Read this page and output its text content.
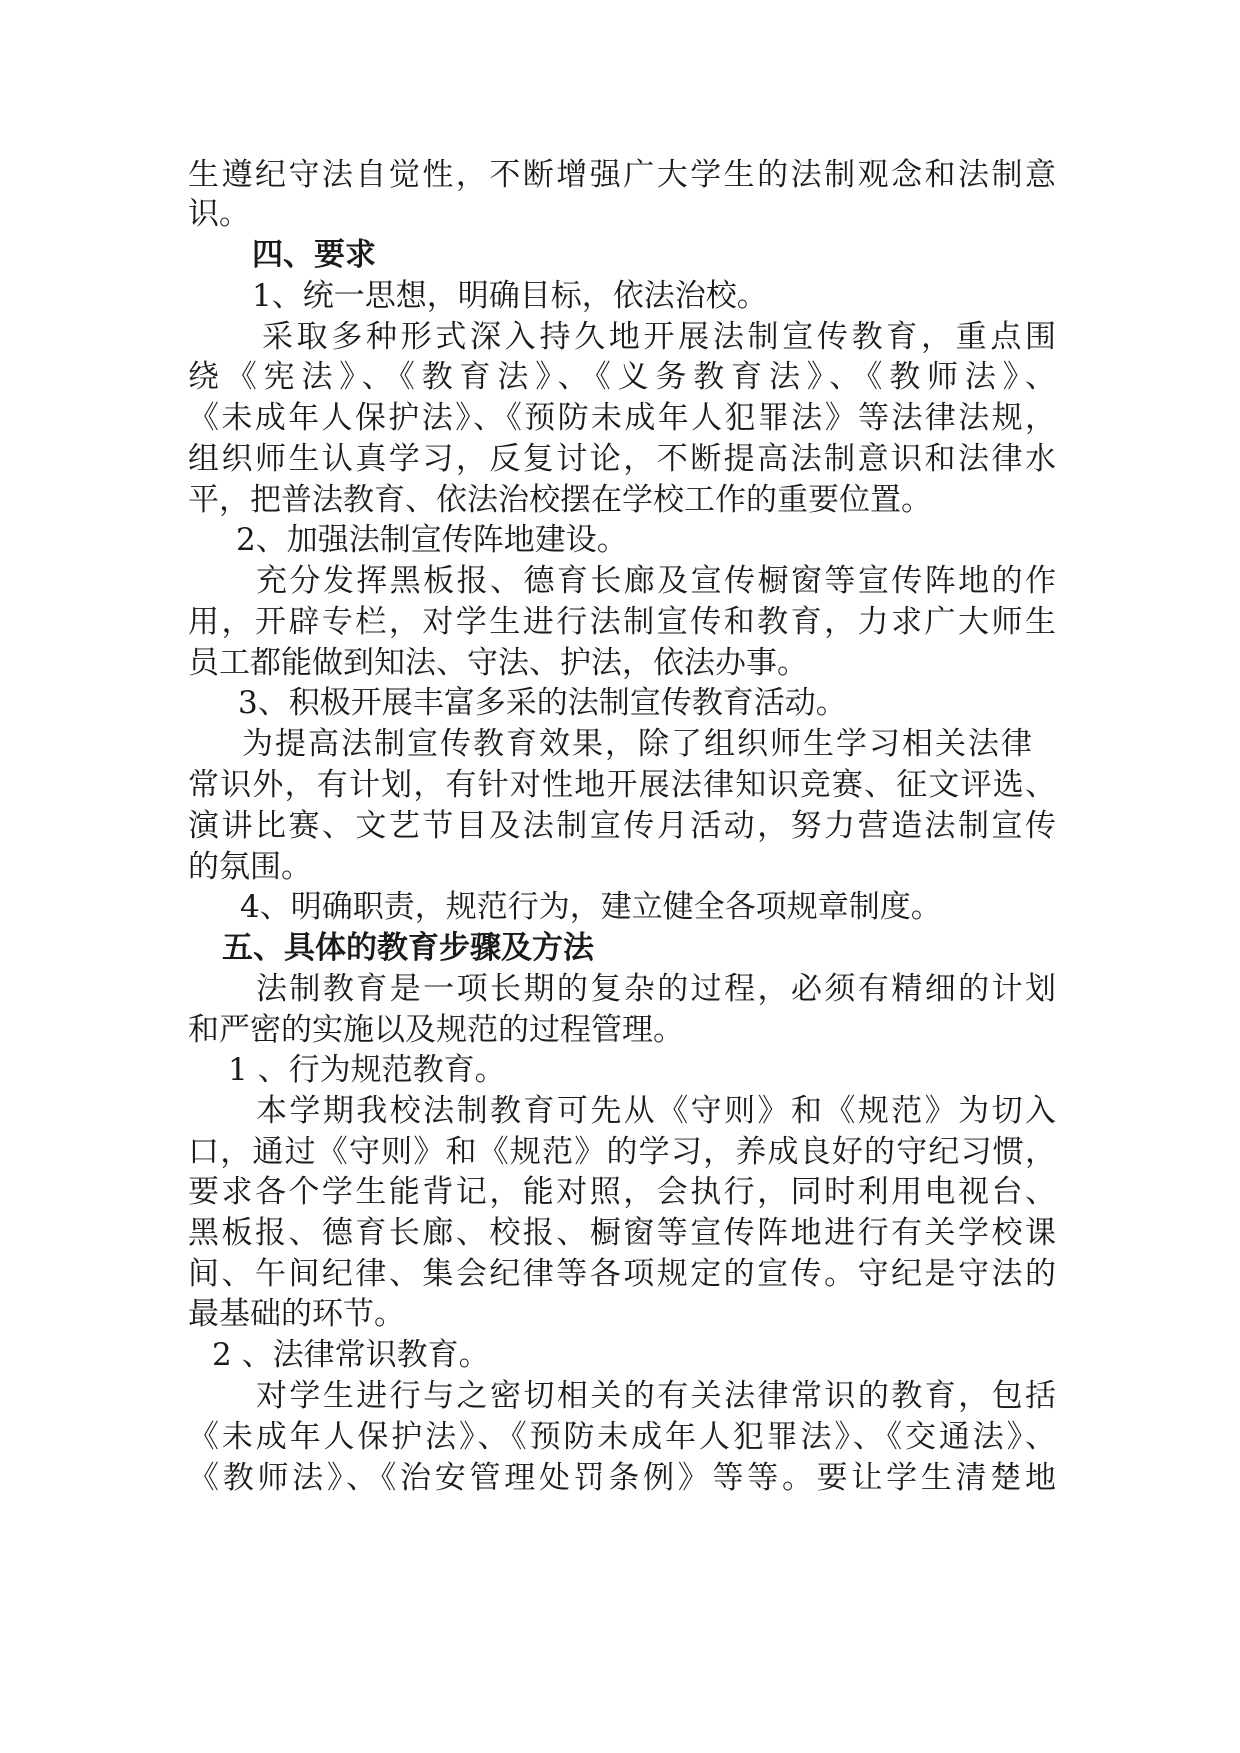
生遵纪守法自觉性，不断增强广大学生的法制观念和法制意
识。
四、要求
1、统一思想，明确目标，依法治校。
采取多种形式深入持久地开展法制宣传教育，重点围
绕《宪法》、《教育法》、《义务教育法》、《教师法》、
《未成年人保护法》、《预防未成年人犯罪法》等法律法规，
组织师生认真学习，反复讨论，不断提高法制意识和法律水
平，把普法教育、依法治校摆在学校工作的重要位置。
2、加强法制宣传阵地建设。
充分发挥黑板报、德育长廊及宣传橱窗等宣传阵地的作
用，开辟专栏，对学生进行法制宣传和教育，力求广大师生
员工都能做到知法、守法、护法，依法办事。
3、积极开展丰富多采的法制宣传教育活动。
为提高法制宣传教育效果，除了组织师生学习相关法律
常识外，有计划，有针对性地开展法律知识竞赛、征文评选、
演讲比赛、文艺节目及法制宣传月活动，努力营造法制宣传
的氛围。
4、明确职责，规范行为，建立健全各项规章制度。
五、具体的教育步骤及方法
法制教育是一项长期的复杂的过程，必须有精细的计划
和严密的实施以及规范的过程管理。
1 、行为规范教育。
本学期我校法制教育可先从《守则》和《规范》为切入
口，通过《守则》和《规范》的学习，养成良好的守纪习惯，
要求各个学生能背记，能对照，会执行，同时利用电视台、
黑板报、德育长廊、校报、橱窗等宣传阵地进行有关学校课
间、午间纪律、集会纪律等各项规定的宣传。守纪是守法的
最基础的环节。
2 、法律常识教育。
对学生进行与之密切相关的有关法律常识的教育，包括
《未成年人保护法》、《预防未成年人犯罪法》、《交通法》、
《教师法》、《治安管理处罚条例》等等。要让学生清楚地
